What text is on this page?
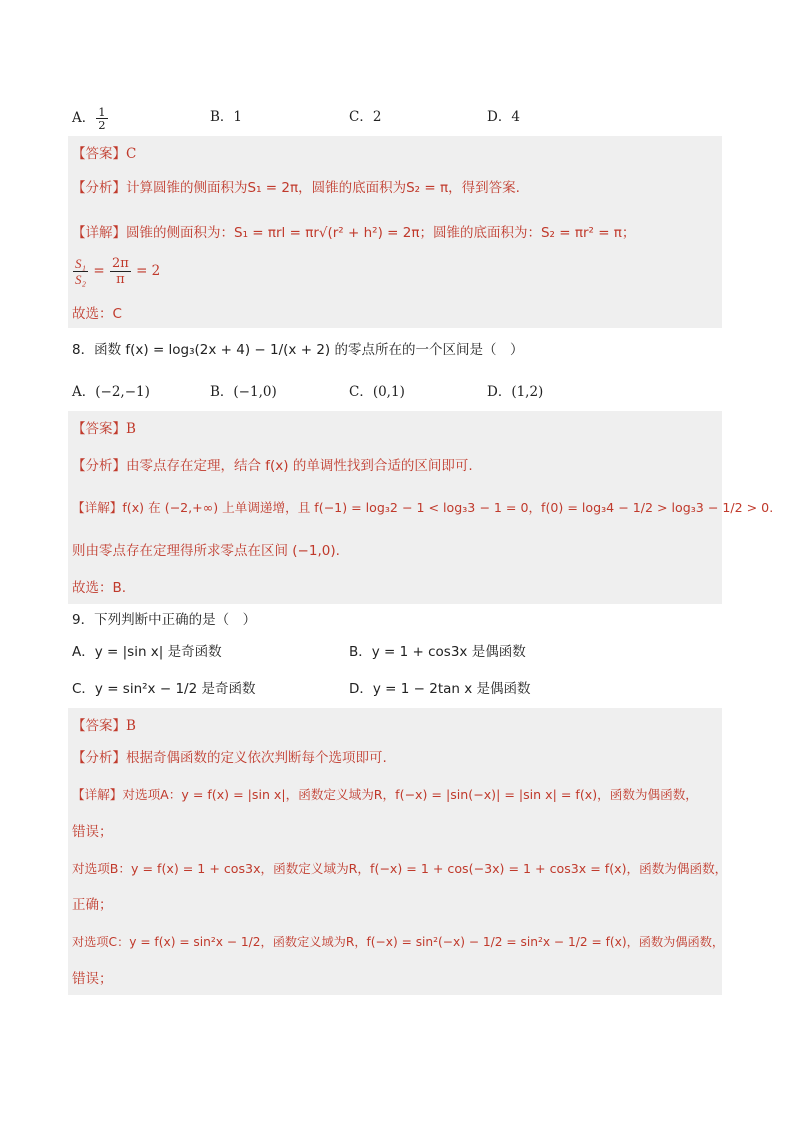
A． $\frac{1}{2}$	B．1	C．2	D．4
【答案】C
【分析】计算圆锥的侧面积为S₁ = 2π，圆锥的底面积为S₂ = π，得到答案.
【详解】圆锥的侧面积为：S₁ = πrl = πr√(r² + h²) = 2π；圆锥的底面积为：S₂ = πr² = π；
$\frac{\text{S₁}}{\text{S₂}} = \frac{2\pi}{\pi} = 2$
故选：C
8．函数 f(x) = log₃(2x + 4) − 1/(x + 2) 的零点所在的一个区间是（　）
A．(−2,−1)	B．(−1,0)	C．(0,1)	D．(1,2)
【答案】B
【分析】由零点存在定理，结合 f(x) 的单调性找到合适的区间即可.
【详解】f(x) 在 (−2,+∞) 上单调递增，且 f(−1) = log₃2 − 1 < log₃3 − 1 = 0，f(0) = log₃4 − 1/2 > log₃3 − 1/2 > 0.
则由零点存在定理得所求零点在区间 (−1,0).
故选：B.
9．下列判断中正确的是（　）
A．y = |sin x| 是奇函数	B．y = 1 + cos3x 是偶函数
C．y = sin²x − 1/2 是奇函数	D．y = 1 − 2tan x 是偶函数
【答案】B
【分析】根据奇偶函数的定义依次判断每个选项即可.
【详解】对选项A：y = f(x) = |sin x|，函数定义域为R，f(−x) = |sin(−x)| = |sin x| = f(x)，函数为偶函数，
错误；
对选项B：y = f(x) = 1 + cos3x，函数定义域为R，f(−x) = 1 + cos(−3x) = 1 + cos3x = f(x)，函数为偶函数，
正确；
对选项C：y = f(x) = sin²x − 1/2，函数定义域为R，f(−x) = sin²(−x) − 1/2 = sin²x − 1/2 = f(x)，函数为偶函数，
错误；
